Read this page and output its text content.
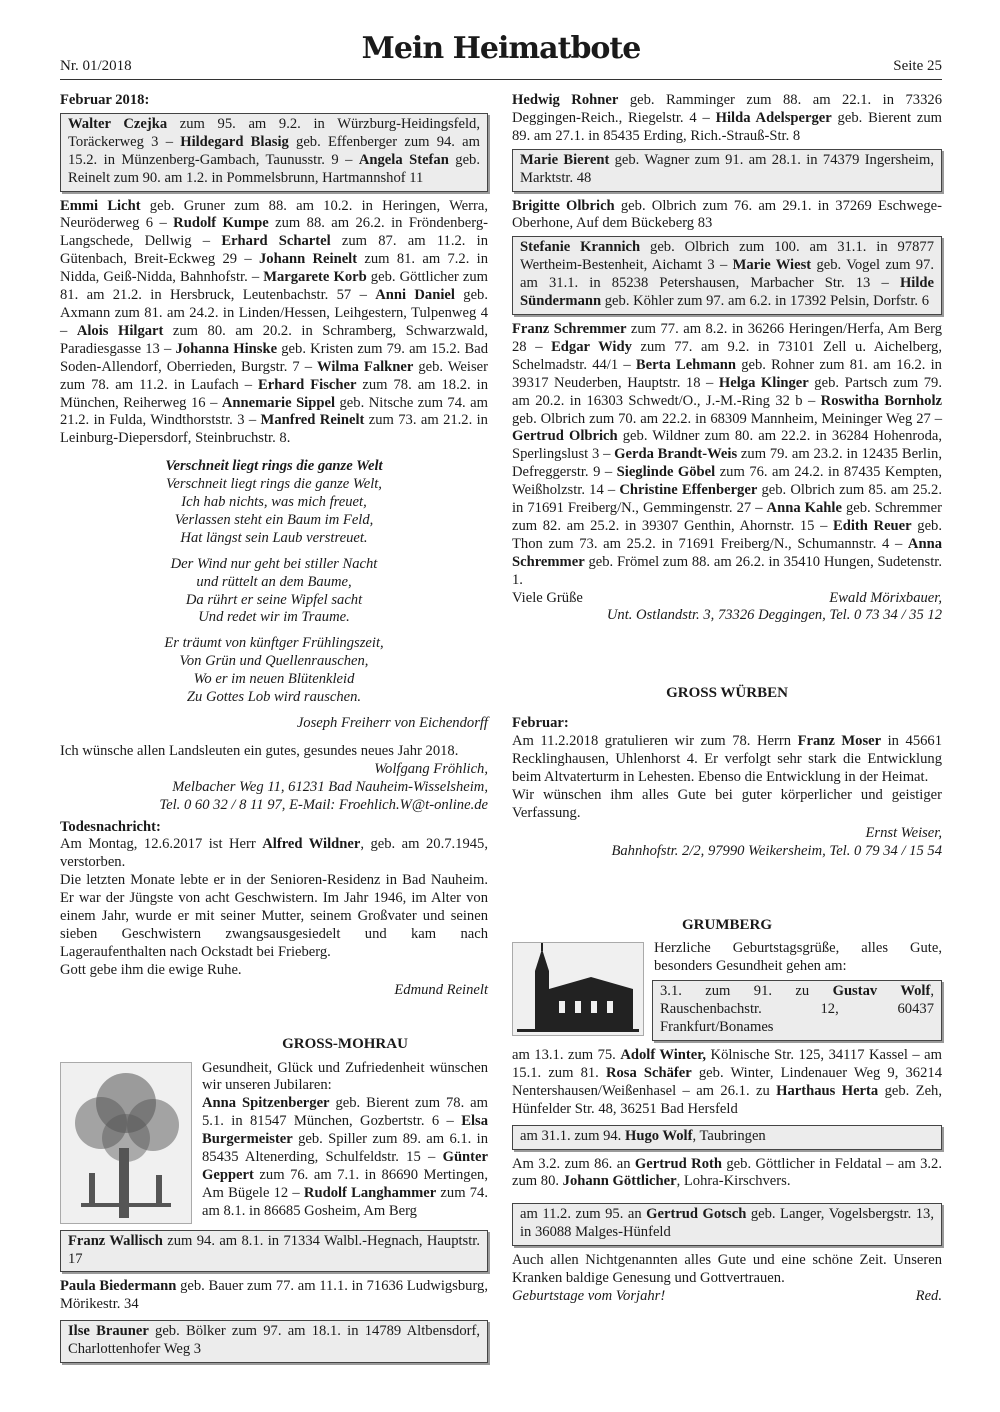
Nr. 01/2018	Mein Heimatbote	Seite 25

Februar 2018:

Walter Czejka zum 95. am 9.2. in Würzburg-Heidingsfeld, Toräckerweg 3 – Hildegard Blasig geb. Effenberger zum 94. am 15.2. in Münzenberg-Gambach, Taunusstr. 9 – Angela Stefan geb. Reinelt zum 90. am 1.2. in Pommelsbrunn, Hartmannshof 11

Emmi Licht geb. Gruner zum 88. am 10.2. in Heringen, Werra, Neuröderweg 6 – Rudolf Kumpe zum 88. am 26.2. in Fröndenberg-Langschede, Dellwig – Erhard Schartel zum 87. am 11.2. in Gütenbach, Breit-Eckweg 29 – Johann Reinelt zum 81. am 7.2. in Nidda, Geiß-Nidda, Bahnhofstr. – Margarete Korb geb. Göttlicher zum 81. am 21.2. in Hersbruck, Leutenbachstr. 57 – Anni Daniel geb. Axmann zum 81. am 24.2. in Linden/Hessen, Leihgestern, Tulpenweg 4 – Alois Hilgart zum 80. am 20.2. in Schramberg, Schwarzwald, Paradiesgasse 13 – Johanna Hinske geb. Kristen zum 79. am 15.2. Bad Soden-Allendorf, Oberrieden, Burgstr. 7 – Wilma Falkner geb. Weiser zum 78. am 11.2. in Laufach – Erhard Fischer zum 78. am 18.2. in München, Reiherweg 16 – Annemarie Sippel geb. Nitsche zum 74. am 21.2. in Fulda, Windthorststr. 3 – Manfred Reinelt zum 73. am 21.2. in Leinburg-Diepersdorf, Steinbruchstr. 8.

Verschneit liegt rings die ganze Welt

Verschneit liegt rings die ganze Welt,

Ich hab nichts, was mich freuet,

Verlassen steht ein Baum im Feld,

Hat längst sein Laub verstreuet.

Der Wind nur geht bei stiller Nacht

und rüttelt an dem Baume,

Da rührt er seine Wipfel sacht

Und redet wir im Traume.

Er träumt von künftger Frühlingszeit,

Von Grün und Quellenrauschen,

Wo er im neuen Blütenkleid

Zu Gottes Lob wird rauschen.

Joseph Freiherr von Eichendorff

Ich wünsche allen Landsleuten ein gutes, gesundes neues Jahr 2018.

Wolfgang Fröhlich,

Melbacher Weg 11, 61231 Bad Nauheim-Wisselsheim,

Tel. 0 60 32 / 8 11 97, E-Mail: Froehlich.W@t-online.de

Todesnachricht:

Am Montag, 12.6.2017 ist Herr Alfred Wildner, geb. am 20.7.1945, verstorben.

Die letzten Monate lebte er in der Senioren-Residenz in Bad Nauheim. Er war der Jüngste von acht Geschwistern. Im Jahr 1946, im Alter von einem Jahr, wurde er mit seiner Mutter, seinem Großvater und seinen sieben Geschwistern zwangsausgesiedelt und kam nach Lageraufenthalten nach Ockstadt bei Frieberg.

Gott gebe ihm die ewige Ruhe.

Edmund Reinelt

GROSS-MOHRAU

Gesundheit, Glück und Zufriedenheit wünschen wir unseren Jubilaren:

Anna Spitzenberger geb. Bierent zum 78. am 5.1. in 81547 München, Gozbertstr. 6 – Elsa Burgermeister geb. Spiller zum 89. am 6.1. in 85435 Altenerding, Schulfeldstr. 15 – Günter Geppert zum 76. am 7.1. in 86690 Mertingen, Am Bügele 12 – Rudolf Langhammer zum 74. am 8.1. in 86685 Gosheim, Am Berg

Franz Wallisch zum 94. am 8.1. in 71334 Walbl.-Hegnach, Hauptstr. 17

Paula Biedermann geb. Bauer zum 77. am 11.1. in 71636 Ludwigsburg, Mörikestr. 34

Ilse Brauner geb. Bölker zum 97. am 18.1. in 14789 Altbensdorf, Charlottenhofer Weg 3

Hedwig Rohner geb. Ramminger zum 88. am 22.1. in 73326 Deggingen-Reich., Riegelstr. 4 – Hilda Adelsperger geb. Bierent zum 89. am 27.1. in 85435 Erding, Rich.-Strauß-Str. 8

Marie Bierent geb. Wagner zum 91. am 28.1. in 74379 Ingersheim, Marktstr. 48

Brigitte Olbrich geb. Olbrich zum 76. am 29.1. in 37269 Eschwege-Oberhone, Auf dem Bückeberg 83

Stefanie Krannich geb. Olbrich zum 100. am 31.1. in 97877 Wertheim-Bestenheit, Aichamt 3 – Marie Wiest geb. Vogel zum 97. am 31.1. in 85238 Petershausen, Marbacher Str. 13 – Hilde Sündermann geb. Köhler zum 97. am 6.2. in 17392 Pelsin, Dorfstr. 6

Franz Schremmer zum 77. am 8.2. in 36266 Heringen/Herfa, Am Berg 28 – Edgar Widy zum 77. am 9.2. in 73101 Zell u. Aichelberg, Schelmadstr. 44/1 – Berta Lehmann geb. Rohner zum 81. am 16.2. in 39317 Neuderben, Hauptstr. 18 – Helga Klinger geb. Partsch zum 79. am 20.2. in 16303 Schwedt/O., J.-M.-Ring 32 b – Roswitha Bornholz geb. Olbrich zum 70. am 22.2. in 68309 Mannheim, Meininger Weg 27 – Gertrud Olbrich geb. Wildner zum 80. am 22.2. in 36284 Hohenroda, Sperlingslust 3 – Gerda Brandt-Weis zum 79. am 23.2. in 12435 Berlin, Defreggerstr. 9 – Sieglinde Göbel zum 76. am 24.2. in 87435 Kempten, Weißholzstr. 14 – Christine Effenberger geb. Olbrich zum 85. am 25.2. in 71691 Freiberg/N., Gemmingenstr. 27 – Anna Kahle geb. Schremmer zum 82. am 25.2. in 39307 Genthin, Ahornstr. 15 – Edith Reuer geb. Thon zum 73. am 25.2. in 71691 Freiberg/N., Schumannstr. 4 – Anna Schremmer geb. Frömel zum 88. am 26.2. in 35410 Hungen, Sudetenstr. 1.

Viele Grüße	Ewald Mörixbauer,

Unt. Ostlandstr. 3, 73326 Deggingen, Tel. 0 73 34 / 35 12

GROSS WÜRBEN

Februar:

Am 11.2.2018 gratulieren wir zum 78. Herrn Franz Moser in 45661 Recklinghausen, Uhlenhorst 4. Er verfolgt sehr stark die Entwicklung beim Altvaterturm in Lehesten. Ebenso die Entwicklung in der Heimat.

Wir wünschen ihm alles Gute bei guter körperlicher und geistiger Verfassung.

Ernst Weiser,

Bahnhofstr. 2/2, 97990 Weikersheim, Tel. 0 79 34 / 15 54

GRUMBERG

Herzliche Geburtstagsgrüße, alles Gute, besonders Gesundheit gehen am:

3.1. zum 91. zu Gustav Wolf, Rauschenbachstr. 12, 60437 Frankfurt/Bonames

am 13.1. zum 75. Adolf Winter, Kölnische Str. 125, 34117 Kassel – am 15.1. zum 81. Rosa Schäfer geb. Winter, Lindenauer Weg 9, 36214 Nentershausen/Weißenhasel – am 26.1. zu Harthaus Herta geb. Zeh, Hünfelder Str. 48, 36251 Bad Hersfeld

am 31.1. zum 94. Hugo Wolf, Taubringen

Am 3.2. zum 86. an Gertrud Roth geb. Göttlicher in Feldatal – am 3.2. zum 80. Johann Göttlicher, Lohra-Kirschvers.

am 11.2. zum 95. an Gertrud Gotsch geb. Langer, Vogelsbergstr. 13, in 36088 Malges-Hünfeld

Auch allen Nichtgenannten alles Gute und eine schöne Zeit. Unseren Kranken baldige Genesung und Gottvertrauen.

Geburtstage vom Vorjahr!	Red.
